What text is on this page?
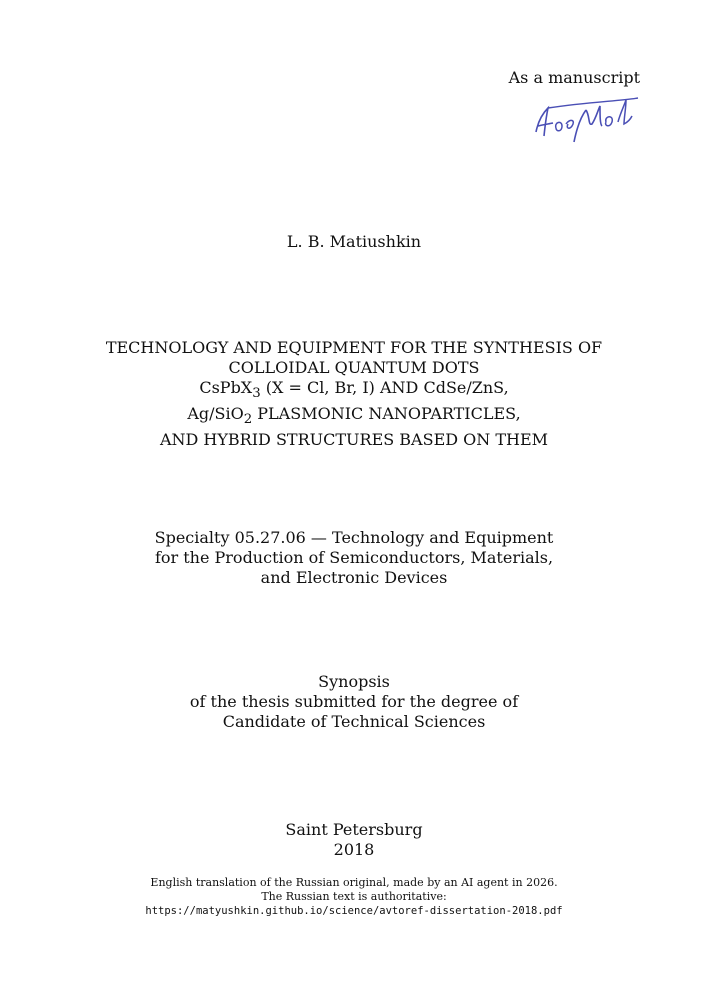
As a manuscript
L. B. Matiushkin
TECHNOLOGY AND EQUIPMENT FOR THE SYNTHESIS OF
COLLOIDAL QUANTUM DOTS
CsPbX$_3$ (X = Cl, Br, I) AND CdSe/ZnS,
Ag/SiO$_2$ PLASMONIC NANOPARTICLES,
AND HYBRID STRUCTURES BASED ON THEM
Specialty 05.27.06 — Technology and Equipment
for the Production of Semiconductors, Materials,
and Electronic Devices
Synopsis
of the thesis submitted for the degree of
Candidate of Technical Sciences
Saint Petersburg
2018
English translation of the Russian original, made by an AI agent in 2026.
The Russian text is authoritative:
https://matyushkin.github.io/science/avtoref-dissertation-2018.pdf
